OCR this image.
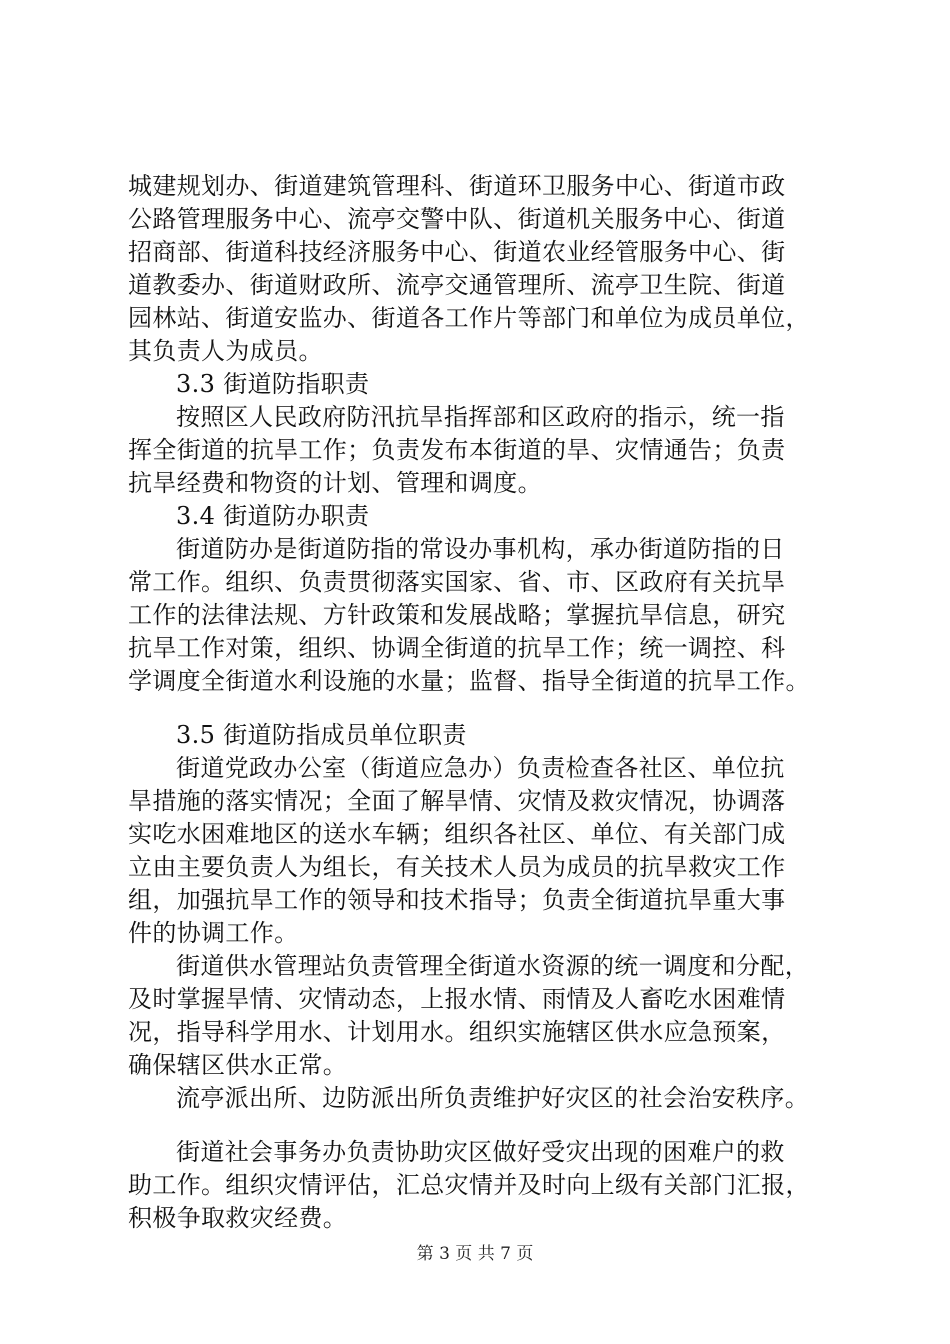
城建规划办、街道建筑管理科、街道环卫服务中心、街道市政
公路管理服务中心、流亭交警中队、街道机关服务中心、街道
招商部、街道科技经济服务中心、街道农业经管服务中心、街
道教委办、街道财政所、流亭交通管理所、流亭卫生院、街道
园林站、街道安监办、街道各工作片等部门和单位为成员单位，
其负责人为成员。
3.3 街道防指职责
按照区人民政府防汛抗旱指挥部和区政府的指示，统一指
挥全街道的抗旱工作；负责发布本街道的旱、灾情通告；负责
抗旱经费和物资的计划、管理和调度。
3.4 街道防办职责
街道防办是街道防指的常设办事机构，承办街道防指的日
常工作。组织、负责贯彻落实国家、省、市、区政府有关抗旱
工作的法律法规、方针政策和发展战略；掌握抗旱信息，研究
抗旱工作对策，组织、协调全街道的抗旱工作；统一调控、科
学调度全街道水利设施的水量；监督、指导全街道的抗旱工作。
3.5 街道防指成员单位职责
街道党政办公室（街道应急办）负责检查各社区、单位抗
旱措施的落实情况；全面了解旱情、灾情及救灾情况，协调落
实吃水困难地区的送水车辆；组织各社区、单位、有关部门成
立由主要负责人为组长，有关技术人员为成员的抗旱救灾工作
组，加强抗旱工作的领导和技术指导；负责全街道抗旱重大事
件的协调工作。
街道供水管理站负责管理全街道水资源的统一调度和分配，
及时掌握旱情、灾情动态，上报水情、雨情及人畜吃水困难情
况，指导科学用水、计划用水。组织实施辖区供水应急预案，
确保辖区供水正常。
流亭派出所、边防派出所负责维护好灾区的社会治安秩序。
街道社会事务办负责协助灾区做好受灾出现的困难户的救
助工作。组织灾情评估，汇总灾情并及时向上级有关部门汇报，
积极争取救灾经费。
第 3 页 共 7 页
